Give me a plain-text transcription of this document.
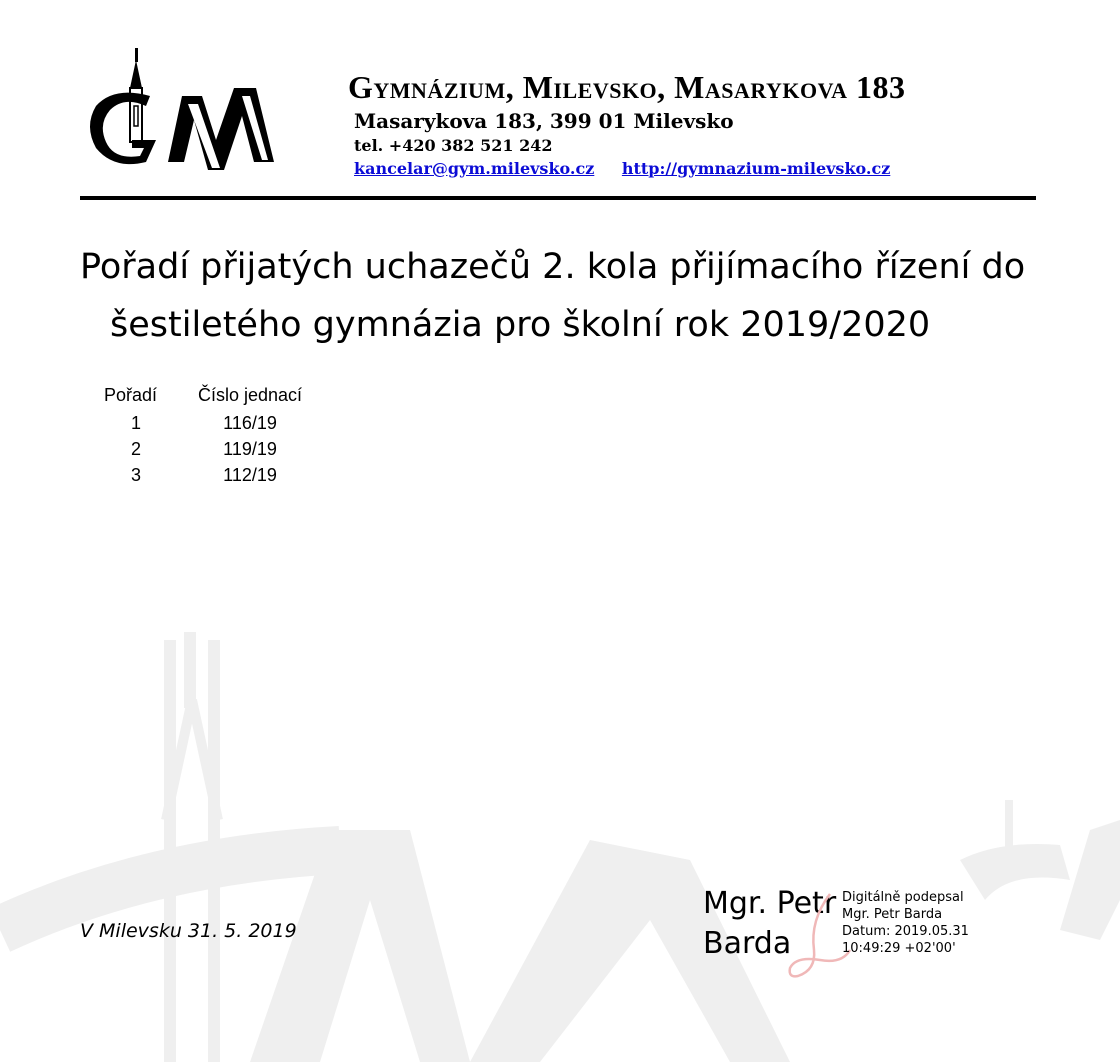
Gymnázium, Milevsko, Masarykova 183
Masarykova 183, 399 01 Milevsko
tel. +420 382 521 242
kancelar@gym.milevsko.cz http://gymnazium-milevsko.cz
Pořadí přijatých uchazečů 2. kola přijímacího řízení do šestiletého gymnázia pro školní rok 2019/2020
Pořadí	Číslo jednací
1	116/19
2	119/19
3	112/19
V Milevsku 31. 5. 2019
Mgr. Petr
Barda
Digitálně podepsal
Mgr. Petr Barda
Datum: 2019.05.31
10:49:29 +02'00'
